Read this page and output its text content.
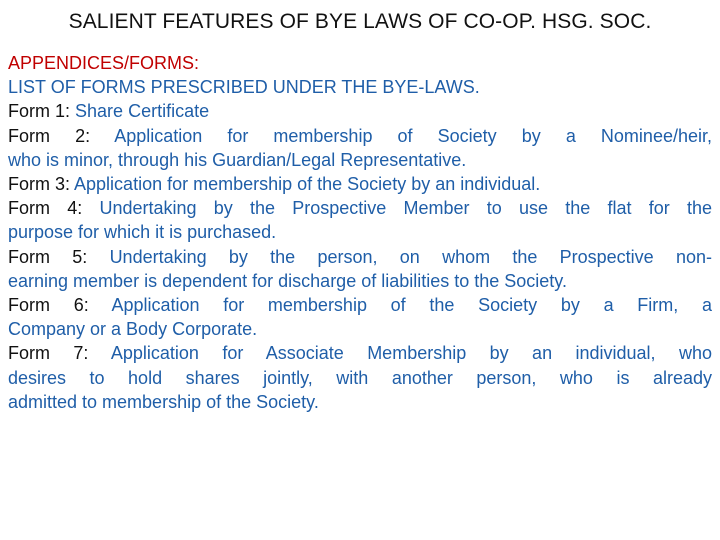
SALIENT FEATURES OF BYE LAWS OF CO-OP. HSG. SOC.
APPENDICES/FORMS:
LIST OF FORMS PRESCRIBED UNDER THE BYE-LAWS.
Form 1: Share Certificate
Form 2: Application for membership of Society by a Nominee/heir,
who is minor, through his Guardian/Legal Representative.
Form 3: Application for membership of the Society by an individual.
Form 4: Undertaking by the Prospective Member to use the flat for the
purpose for which it is purchased.
Form 5: Undertaking by the person, on whom the Prospective non-
earning member is dependent for discharge of liabilities to the Society.
Form 6: Application for membership of the Society by a Firm, a
Company or a Body Corporate.
Form 7: Application for Associate Membership by an individual, who
desires to hold shares jointly, with another person, who is already
admitted to membership of the Society.
